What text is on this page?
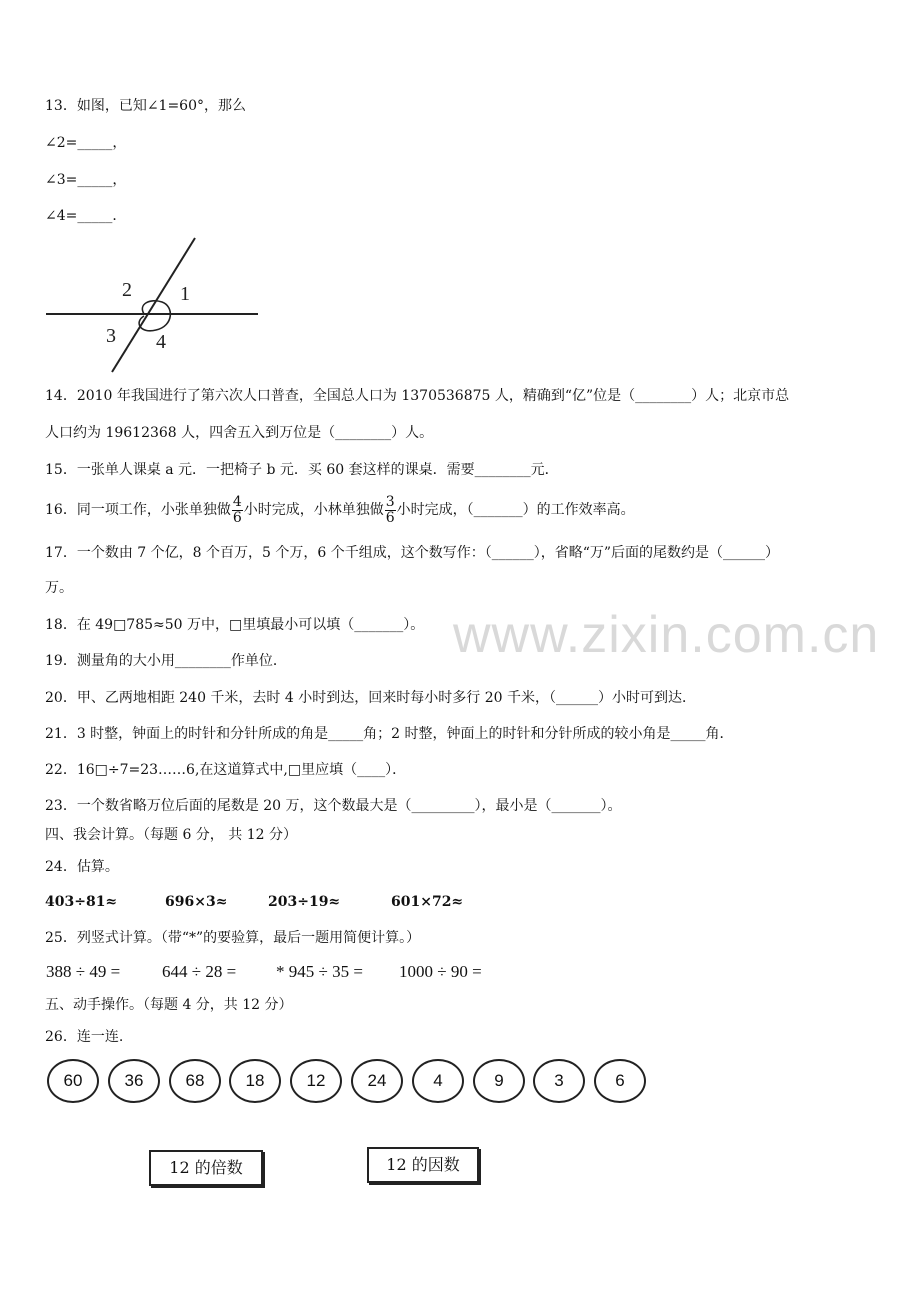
13．如图，已知∠1=60°，那么
∠2=_____，
∠3=_____，
∠4=_____．
1
2
3 4
14．2010 年我国进行了第六次人口普查，全国总人口为 1370536875 人，精确到“亿”位是（________）人；北京市总
人口约为 19612368 人，四舍五入到万位是（________）人。
15．一张单人课桌 a 元．一把椅子 b 元．买 60 套这样的课桌．需要________元．
16．同一项工作，小张单独做 $\frac{4}{6}$ 小时完成，小林单独做 $\frac{3}{6}$ 小时完成，（_______）的工作效率高。
17．一个数由 7 个亿，8 个百万，5 个万，6 个千组成，这个数写作：（______），省略“万”后面的尾数约是（______）
万。
www.zixin.com.cn
18．在 49□785≈50 万中，□里填最小可以填（_______）。
19．测量角的大小用________作单位．
20．甲、乙两地相距 240 千米，去时 4 小时到达，回来时每小时多行 20 千米，（______）小时可到达．
21．3 时整，钟面上的时针和分针所成的角是_____角；2 时整，钟面上的时针和分针所成的较小角是_____角．
22．16□÷7=23……6,在这道算式中,□里应填（____）．
23．一个数省略万位后面的尾数是 20 万，这个数最大是（_________），最小是（_______）。
四、我会计算。（每题 6 分， 共 12 分）
24．估算。
403÷81≈	696×3≈	203÷19≈	601×72≈
25．列竖式计算。（带“*”的要验算，最后一题用简便计算。）
388 ÷ 49 = 644 ÷ 28 = * 945 ÷ 35 = 1000 ÷ 90 =
五、动手操作。（每题 4 分，共 12 分）
26．连一连.
60	36	68	18	12	24	4	9	3	6
12 的倍数	12 的因数
